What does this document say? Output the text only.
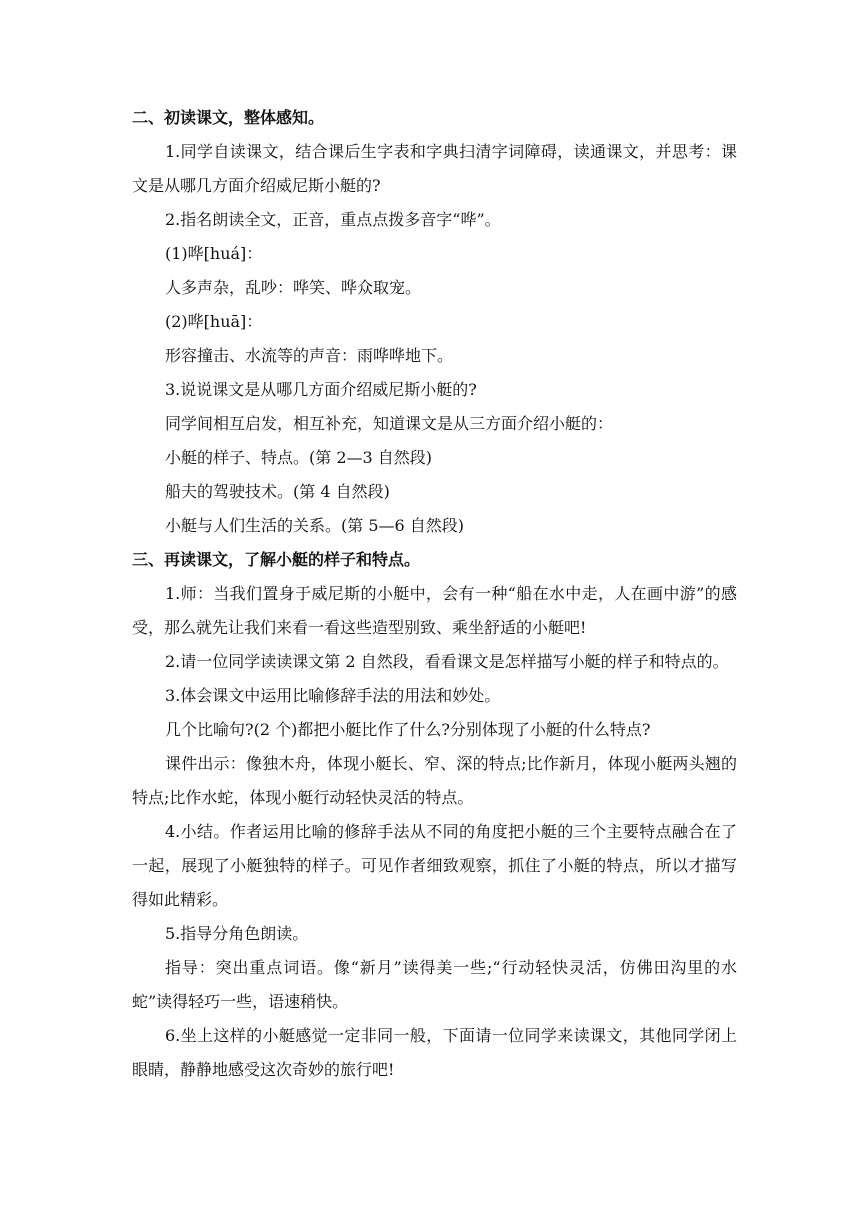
二、初读课文，整体感知。

1.同学自读课文，结合课后生字表和字典扫清字词障碍，读通课文，并思考：课文是从哪几方面介绍威尼斯小艇的?

2.指名朗读全文，正音，重点点拨多音字“哗”。

(1)哗[huá]：

人多声杂，乱吵：哗笑、哗众取宠。

(2)哗[huā]：

形容撞击、水流等的声音：雨哗哗地下。

3.说说课文是从哪几方面介绍威尼斯小艇的?

同学间相互启发，相互补充，知道课文是从三方面介绍小艇的：

小艇的样子、特点。(第 2—3 自然段)

船夫的驾驶技术。(第 4 自然段)

小艇与人们生活的关系。(第 5—6 自然段)

三、再读课文，了解小艇的样子和特点。

1.师：当我们置身于威尼斯的小艇中，会有一种“船在水中走，人在画中游”的感受，那么就先让我们来看一看这些造型别致、乘坐舒适的小艇吧!

2.请一位同学读读课文第 2 自然段，看看课文是怎样描写小艇的样子和特点的。

3.体会课文中运用比喻修辞手法的用法和妙处。

几个比喻句?(2 个)都把小艇比作了什么?分别体现了小艇的什么特点?

课件出示：像独木舟，体现小艇长、窄、深的特点;比作新月，体现小艇两头翘的特点;比作水蛇，体现小艇行动轻快灵活的特点。

4.小结。作者运用比喻的修辞手法从不同的角度把小艇的三个主要特点融合在了一起，展现了小艇独特的样子。可见作者细致观察，抓住了小艇的特点，所以才描写得如此精彩。

5.指导分角色朗读。

指导：突出重点词语。像“新月”读得美一些;“行动轻快灵活，仿佛田沟里的水蛇”读得轻巧一些，语速稍快。

6.坐上这样的小艇感觉一定非同一般，下面请一位同学来读课文，其他同学闭上眼睛，静静地感受这次奇妙的旅行吧!
